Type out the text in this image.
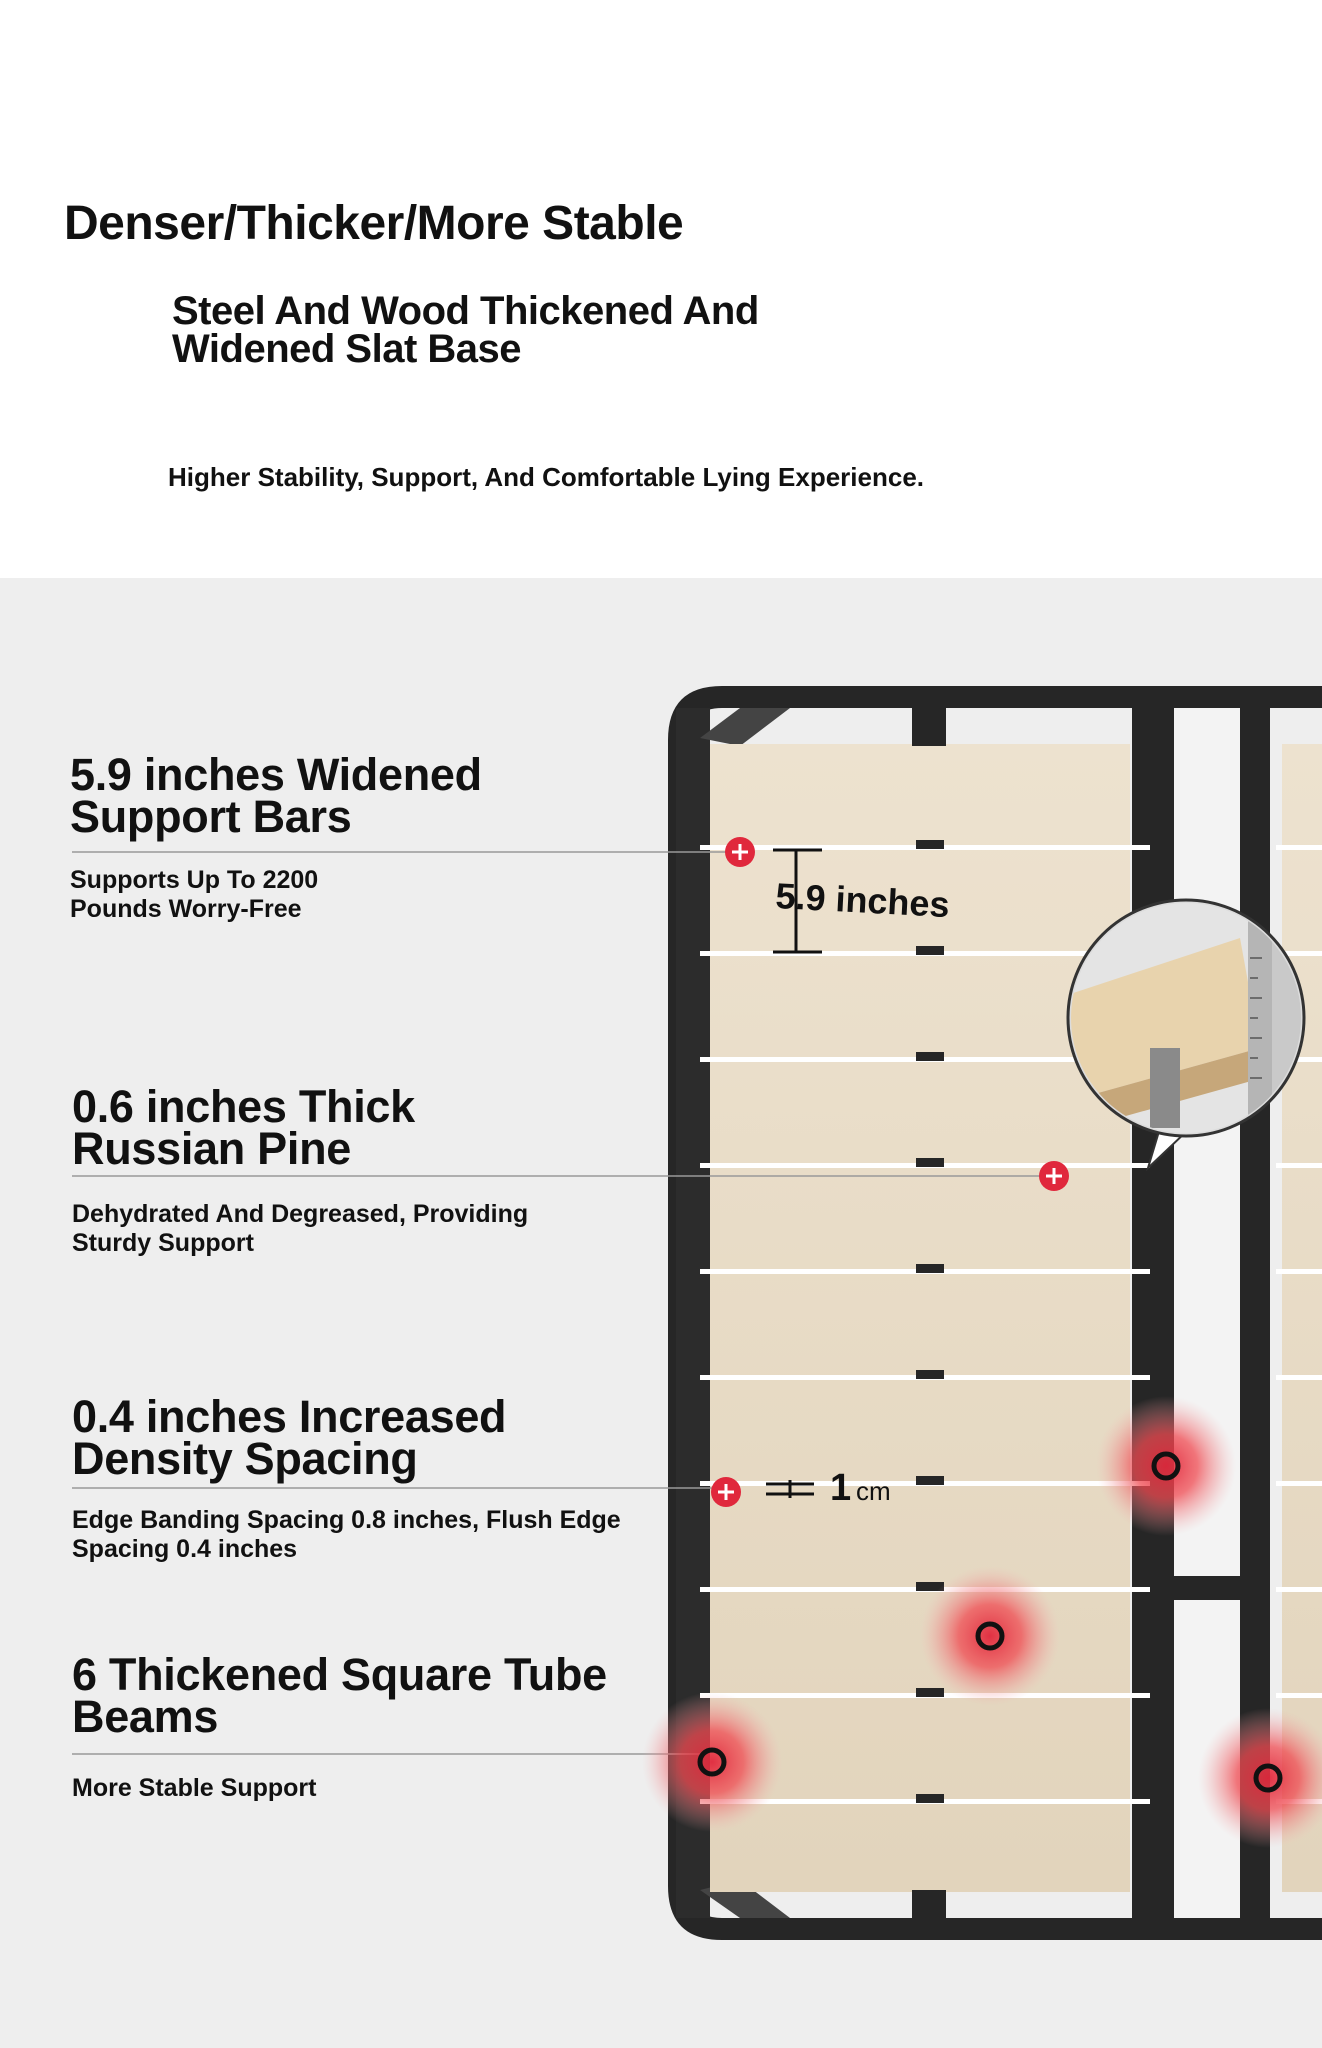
Denser/Thicker/More Stable
Steel And Wood Thickened And
Widened Slat Base

Higher Stability, Support, And Comfortable Lying Experience.

5.9 inches
1 cm
5.9 inches Widened
Support Bars

Supports Up To 2200
Pounds Worry-Free

0.6 inches Thick
Russian Pine

Dehydrated And Degreased, Providing
Sturdy Support

0.4 inches Increased
Density Spacing

Edge Banding Spacing 0.8 inches, Flush Edge
Spacing 0.4 inches

6 Thickened Square Tube
Beams

More Stable Support
